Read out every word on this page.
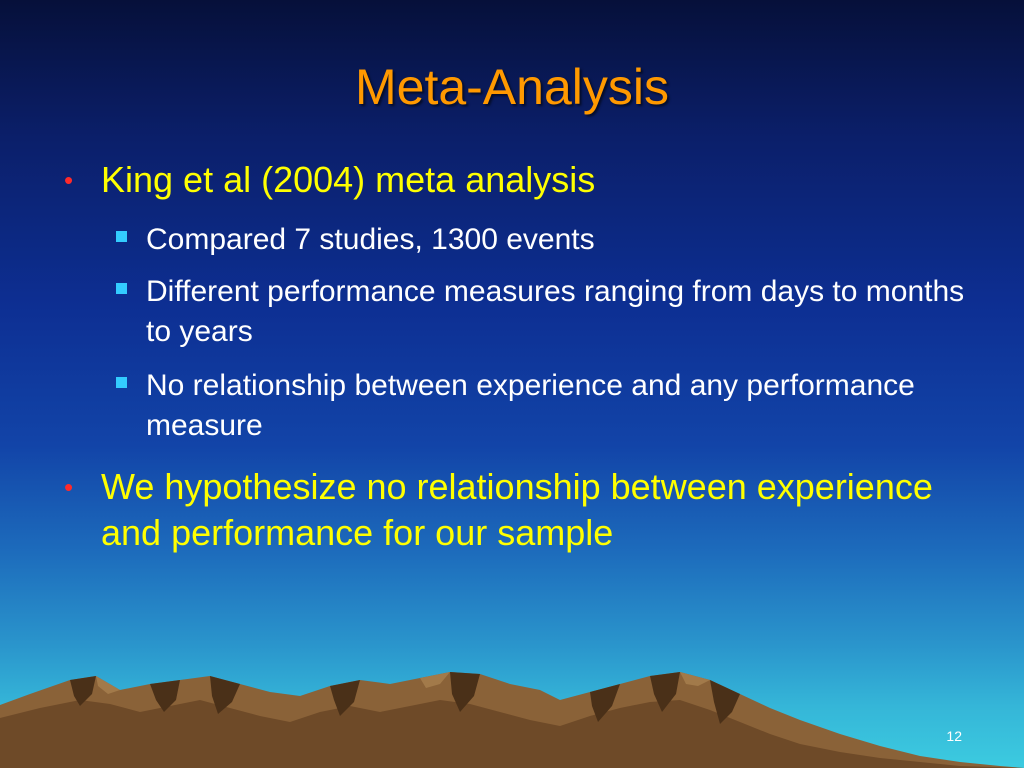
Meta-Analysis
• King et al (2004) meta analysis
Compared 7 studies, 1300 events
Different performance measures ranging from days to months to years
No relationship between experience and any performance measure
• We hypothesize no relationship between experience and performance for our sample
12
